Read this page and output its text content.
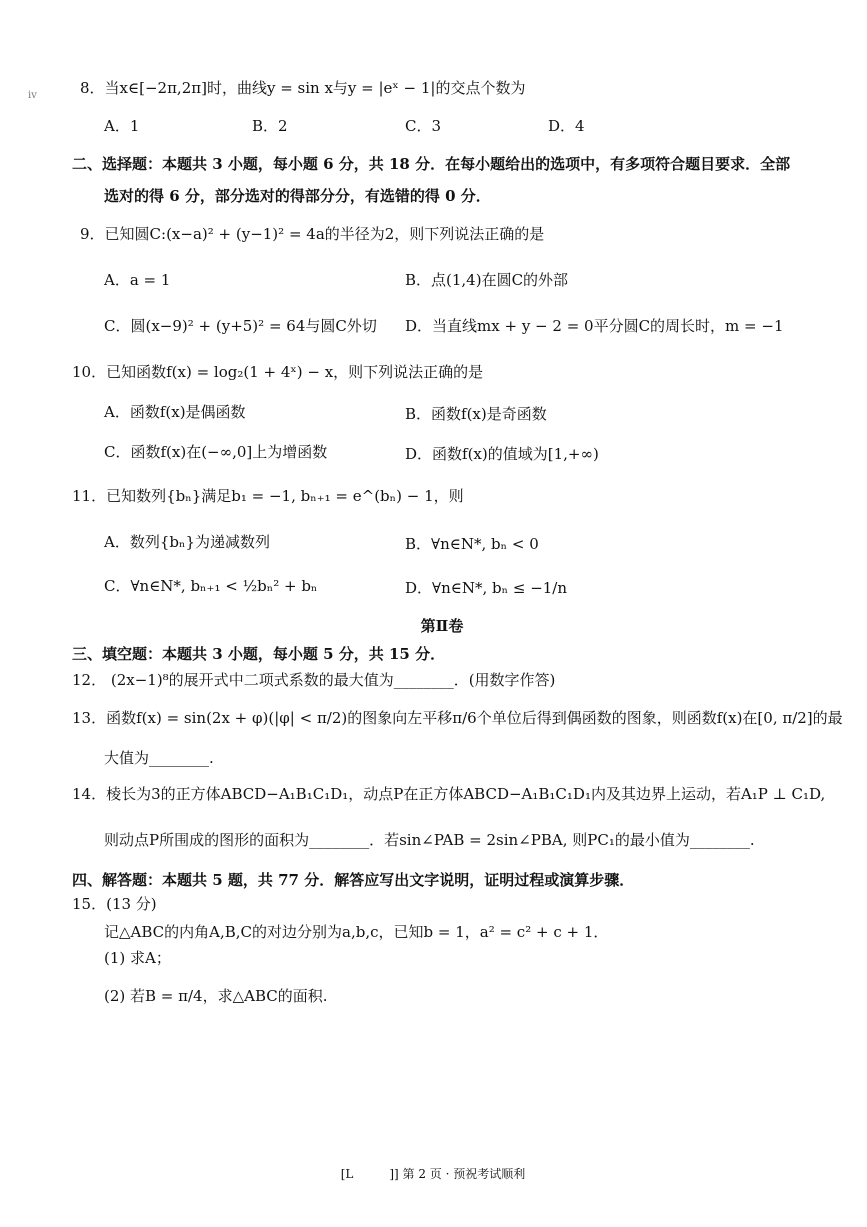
ⅳ	8．当x∈[−2π,2π]时，曲线y = sin x与y = |eˣ − 1|的交点个数为
A．1	B．2	C．3	D．4
二、选择题：本题共 3 小题，每小题 6 分，共 18 分．在每小题给出的选项中，有多项符合题目要求．全部
选对的得 6 分，部分选对的得部分分，有选错的得 0 分．
9．已知圆C:(x−a)² + (y−1)² = 4a的半径为2，则下列说法正确的是
A．a = 1	B．点(1,4)在圆C的外部
C．圆(x−9)² + (y+5)² = 64与圆C外切 D．当直线mx + y − 2 = 0平分圆C的周长时，m = −1
10．已知函数f(x) = log₂(1 + 4ˣ) − x，则下列说法正确的是
A．函数f(x)是偶函数	B．函数f(x)是奇函数
C．函数f(x)在(−∞,0]上为增函数	D．函数f(x)的值域为[1,+∞)
11．已知数列{bₙ}满足b₁ = −1, bₙ₊₁ = e^(bₙ) − 1，则
A．数列{bₙ}为递减数列	B．∀n∈N*, bₙ < 0
C．∀n∈N*, bₙ₊₁ < ½bₙ² + bₙ	D．∀n∈N*, bₙ ≤ −1/n
第Ⅱ卷
三、填空题：本题共 3 小题，每小题 5 分，共 15 分．
12． (2x−1)⁸的展开式中二项式系数的最大值为________．(用数字作答)
13．函数f(x) = sin(2x + φ)(|φ| < π/2)的图象向左平移π/6个单位后得到偶函数的图象，则函数f(x)在[0, π/2]的最
大值为________.
14．棱长为3的正方体ABCD−A₁B₁C₁D₁，动点P在正方体ABCD−A₁B₁C₁D₁内及其边界上运动，若A₁P ⊥ C₁D,
则动点P所围成的图形的面积为________．若sin∠PAB = 2sin∠PBA, 则PC₁的最小值为________.
四、解答题：本题共 5 题，共 77 分．解答应写出文字说明，证明过程或演算步骤．
15．(13 分)
记△ABC的内角A,B,C的对边分别为a,b,c，已知b = 1，a² = c² + c + 1．
(1) 求A；
(2) 若B = π/4，求△ABC的面积.
[L　　　]] 第 2 页 · 预祝考试顺利
